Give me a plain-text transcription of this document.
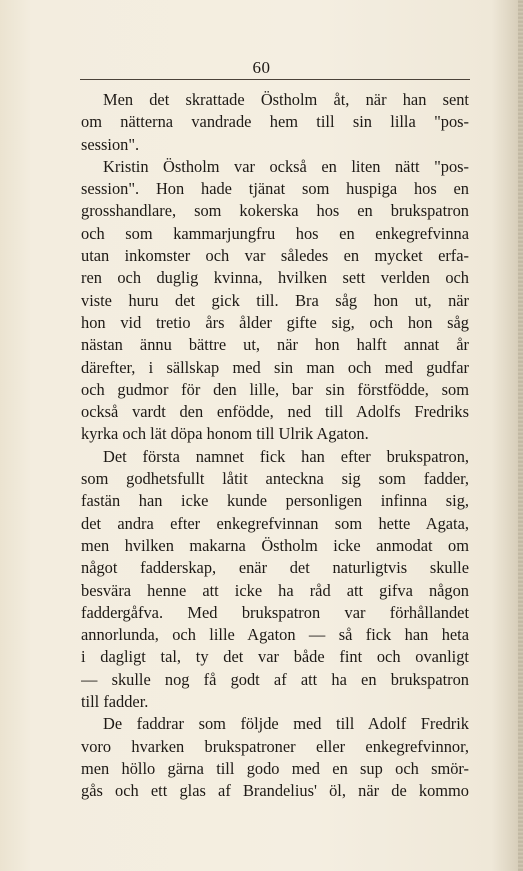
60
Men det skrattade Östholm åt, när han sent
om nätterna vandrade hem till sin lilla "pos-
session".
Kristin Östholm var också en liten nätt "pos-
session". Hon hade tjänat som huspiga hos en
grosshandlare, som kokerska hos en brukspatron
och som kammarjungfru hos en enkegrefvinna
utan inkomster och var således en mycket erfa-
ren och duglig kvinna, hvilken sett verlden och
viste huru det gick till. Bra såg hon ut, när
hon vid tretio års ålder gifte sig, och hon såg
nästan ännu bättre ut, när hon halft annat år
därefter, i sällskap med sin man och med gudfar
och gudmor för den lille, bar sin förstfödde, som
också vardt den enfödde, ned till Adolfs Fredriks
kyrka och lät döpa honom till Ulrik Agaton.
Det första namnet fick han efter brukspatron,
som godhetsfullt låtit anteckna sig som fadder,
fastän han icke kunde personligen infinna sig,
det andra efter enkegrefvinnan som hette Agata,
men hvilken makarna Östholm icke anmodat om
något fadderskap, enär det naturligtvis skulle
besvära henne att icke ha råd att gifva någon
faddergåfva. Med brukspatron var förhållandet
annorlunda, och lille Agaton — så fick han heta
i dagligt tal, ty det var både fint och ovanligt
— skulle nog få godt af att ha en brukspatron
till fadder.
De faddrar som följde med till Adolf Fredrik
voro hvarken brukspatroner eller enkegrefvinnor,
men höllo gärna till godo med en sup och smör-
gås och ett glas af Brandelius' öl, när de kommo
